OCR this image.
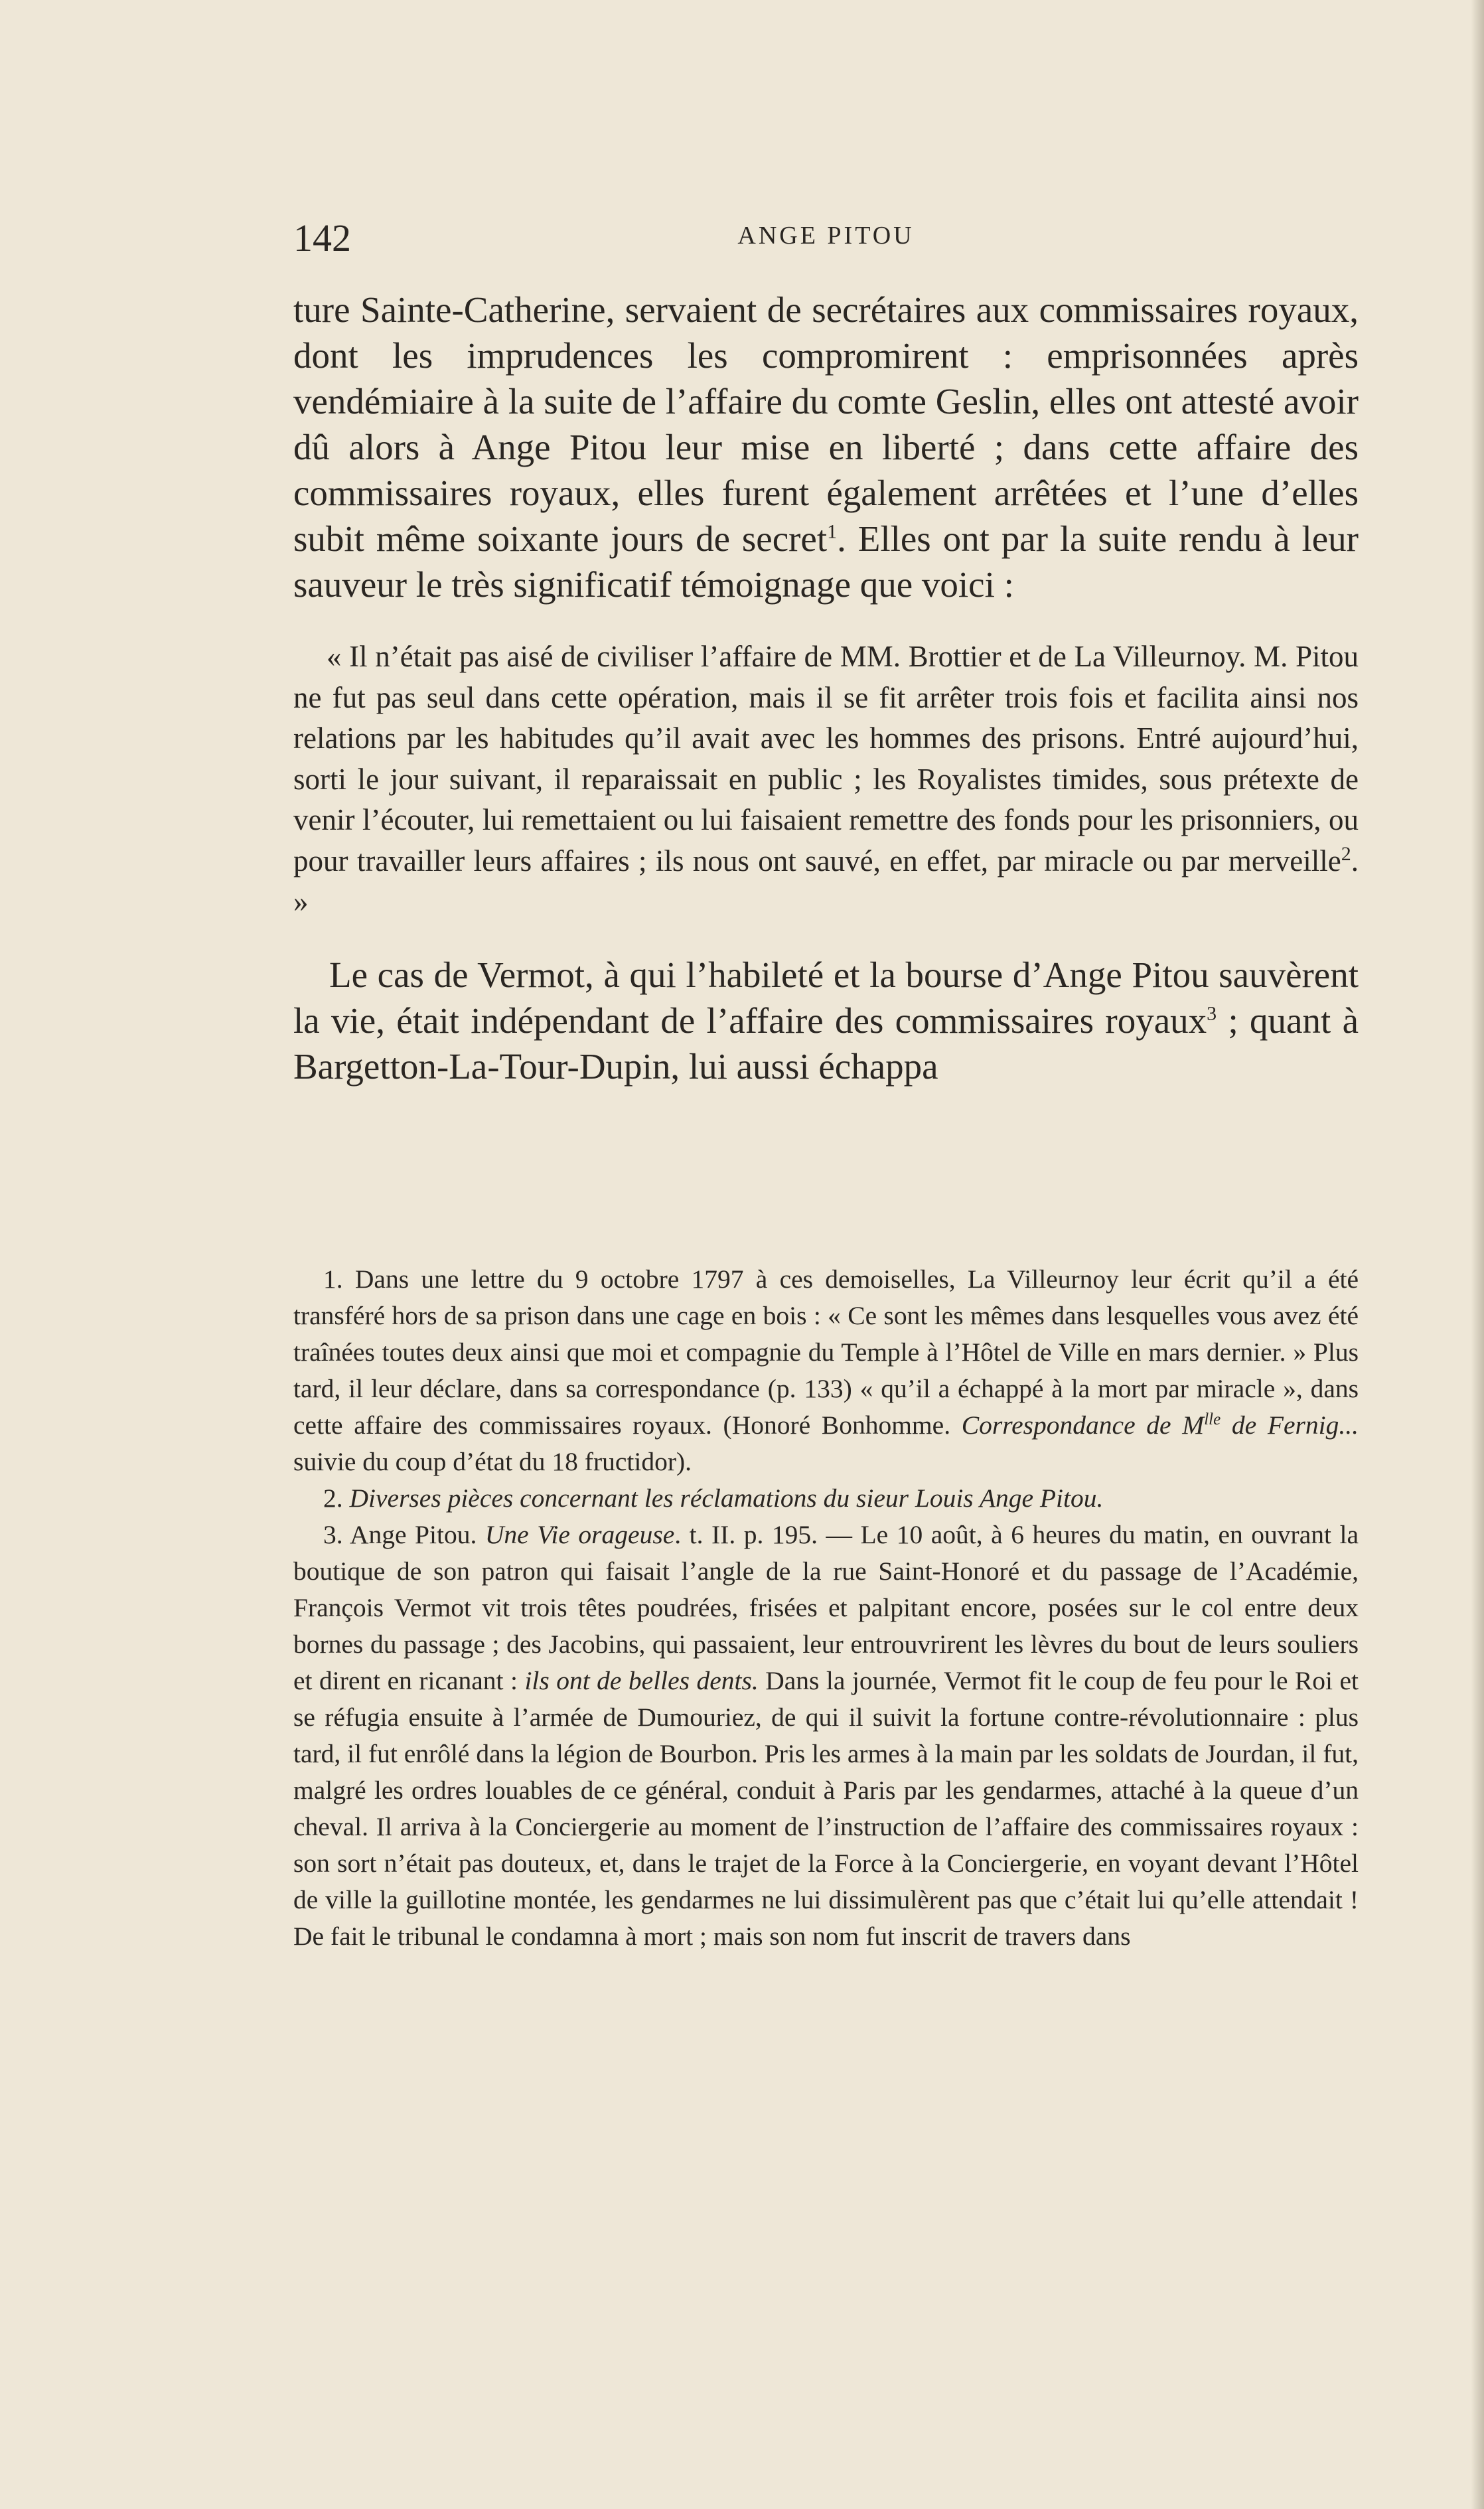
142	ANGE PITOU

ture Sainte-Catherine, servaient de secrétaires aux commissaires royaux, dont les imprudences les compromirent : emprisonnées après vendémiaire à la suite de l’affaire du comte Geslin, elles ont attesté avoir dû alors à Ange Pitou leur mise en liberté ; dans cette affaire des commissaires royaux, elles furent également arrêtées et l’une d’elles subit même soixante jours de secret$^1$. Elles ont par la suite rendu à leur sauveur le très significatif témoignage que voici :

« Il n’était pas aisé de civiliser l’affaire de MM. Brottier et de La Villeurnoy. M. Pitou ne fut pas seul dans cette opération, mais il se fit arrêter trois fois et facilita ainsi nos relations par les habitudes qu’il avait avec les hommes des prisons. Entré aujourd’hui, sorti le jour suivant, il reparaissait en public ; les Royalistes timides, sous prétexte de venir l’écouter, lui remettaient ou lui faisaient remettre des fonds pour les prisonniers, ou pour travailler leurs affaires ; ils nous ont sauvé, en effet, par miracle ou par merveille$^2$. »

Le cas de Vermot, à qui l’habileté et la bourse d’Ange Pitou sauvèrent la vie, était indépendant de l’affaire des commissaires royaux$^3$ ; quant à Bargetton-La-Tour-Dupin, lui aussi échappa

1. Dans une lettre du 9 octobre 1797 à ces demoiselles, La Villeurnoy leur écrit qu’il a été transféré hors de sa prison dans une cage en bois : « Ce sont les mêmes dans lesquelles vous avez été traînées toutes deux ainsi que moi et compagnie du Temple à l’Hôtel de Ville en mars dernier. » Plus tard, il leur déclare, dans sa correspondance (p. 133) « qu’il a échappé à la mort par miracle », dans cette affaire des commissaires royaux. (Honoré Bonhomme. Correspondance de $M^{lle}$ de Fernig... suivie du coup d’état du 18 fructidor).

2. Diverses pièces concernant les réclamations du sieur Louis Ange Pitou.

3. Ange Pitou. Une Vie orageuse. t. II. p. 195. — Le 10 août, à 6 heures du matin, en ouvrant la boutique de son patron qui faisait l’angle de la rue Saint-Honoré et du passage de l’Académie, François Vermot vit trois têtes poudrées, frisées et palpitant encore, posées sur le col entre deux bornes du passage ; des Jacobins, qui passaient, leur entrouvrirent les lèvres du bout de leurs souliers et dirent en ricanant : ils ont de belles dents. Dans la journée, Vermot fit le coup de feu pour le Roi et se réfugia ensuite à l’armée de Dumouriez, de qui il suivit la fortune contre-révolutionnaire : plus tard, il fut enrôlé dans la légion de Bourbon. Pris les armes à la main par les soldats de Jourdan, il fut, malgré les ordres louables de ce général, conduit à Paris par les gendarmes, attaché à la queue d’un cheval. Il arriva à la Conciergerie au moment de l’instruction de l’affaire des commissaires royaux : son sort n’était pas douteux, et, dans le trajet de la Force à la Conciergerie, en voyant devant l’Hôtel de ville la guillotine montée, les gendarmes ne lui dissimulèrent pas que c’était lui qu’elle attendait ! De fait le tribunal le condamna à mort ; mais son nom fut inscrit de travers dans
